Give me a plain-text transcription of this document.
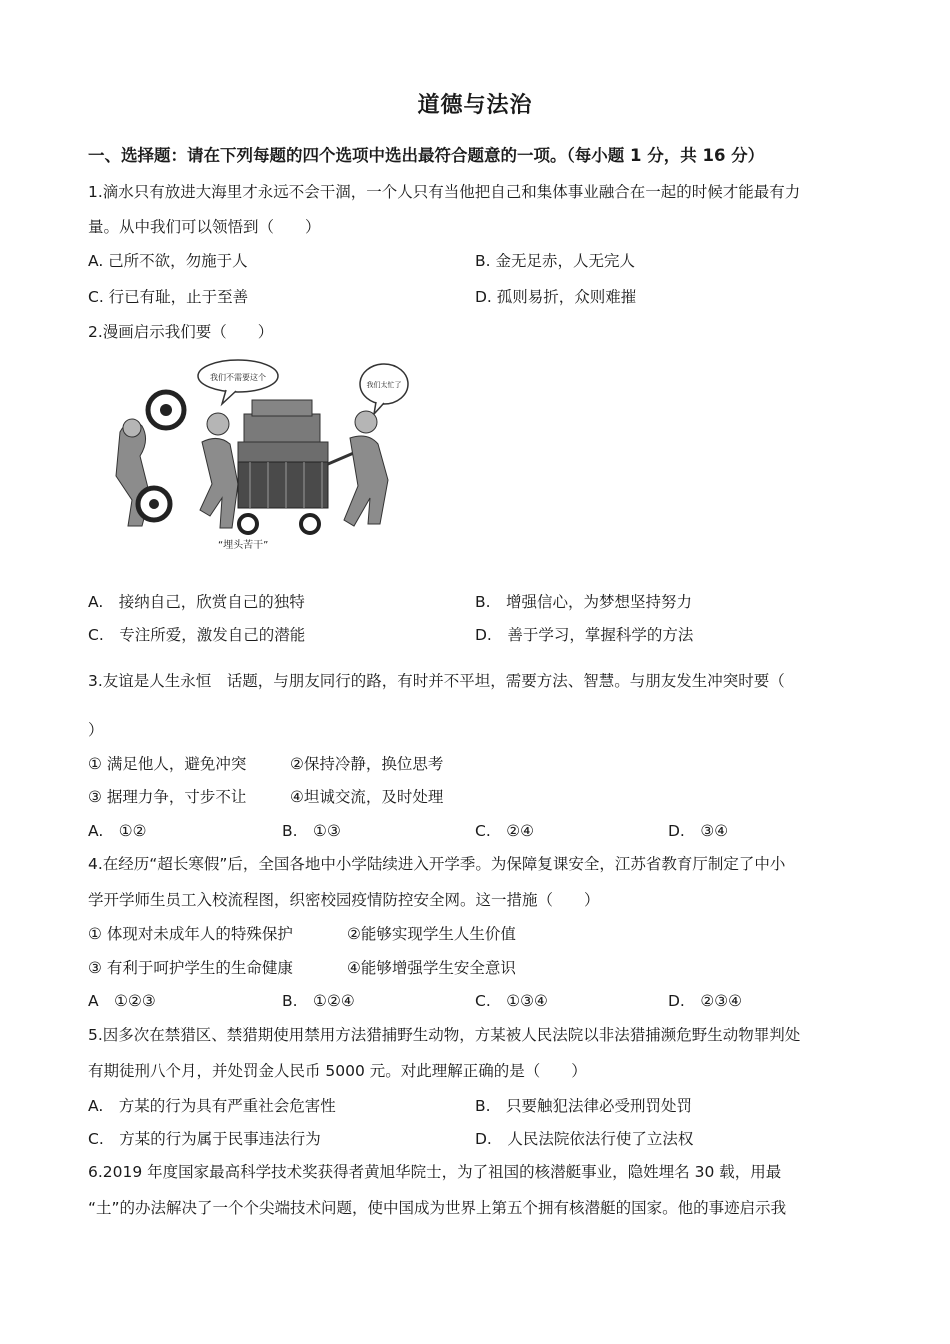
道德与法治
一、选择题：请在下列每题的四个选项中选出最符合题意的一项。（每小题 1 分，共 16 分）
1.滴水只有放进大海里才永远不会干涸，一个人只有当他把自己和集体事业融合在一起的时候才能最有力
量。从中我们可以领悟到（　　）
A. 己所不欲，勿施于人	B. 金无足赤，人无完人
C. 行已有耻，止于至善	D. 孤则易折，众则难摧
2.漫画启示我们要（　　）
我们不需要这个
我们太忙了
“埋头苦干”
A.　接纳自己，欣赏自己的独特	B.　增强信心，为梦想坚持努力
C.　专注所爱，激发自己的潜能	D.　善于学习，掌握科学的方法
3.友谊是人生永恒　话题，与朋友同行的路，有时并不平坦，需要方法、智慧。与朋友发生冲突时要（
）
① 满足他人，避免冲突	②保持冷静，换位思考
③ 据理力争，寸步不让	④坦诚交流，及时处理
A.　①②	B.　①③	C.　②④	D.　③④
4.在经历“超长寒假”后，全国各地中小学陆续进入开学季。为保障复课安全，江苏省教育厅制定了中小
学开学师生员工入校流程图，织密校园疫情防控安全网。这一措施（　　）
① 体现对未成年人的特殊保护	②能够实现学生人生价值
③ 有利于呵护学生的生命健康	④能够增强学生安全意识
A　①②③	B.　①②④	C.　①③④	D.　②③④
5.因多次在禁猎区、禁猎期使用禁用方法猎捕野生动物，方某被人民法院以非法猎捕濒危野生动物罪判处
有期徒刑八个月，并处罚金人民币 5000 元。对此理解正确的是（　　）
A.　方某的行为具有严重社会危害性	B.　只要触犯法律必受刑罚处罚
C.　方某的行为属于民事违法行为	D.　人民法院依法行使了立法权
6.2019 年度国家最高科学技术奖获得者黄旭华院士，为了祖国的核潜艇事业，隐姓埋名 30 载，用最
“土”的办法解决了一个个尖端技术问题，使中国成为世界上第五个拥有核潜艇的国家。他的事迹启示我
